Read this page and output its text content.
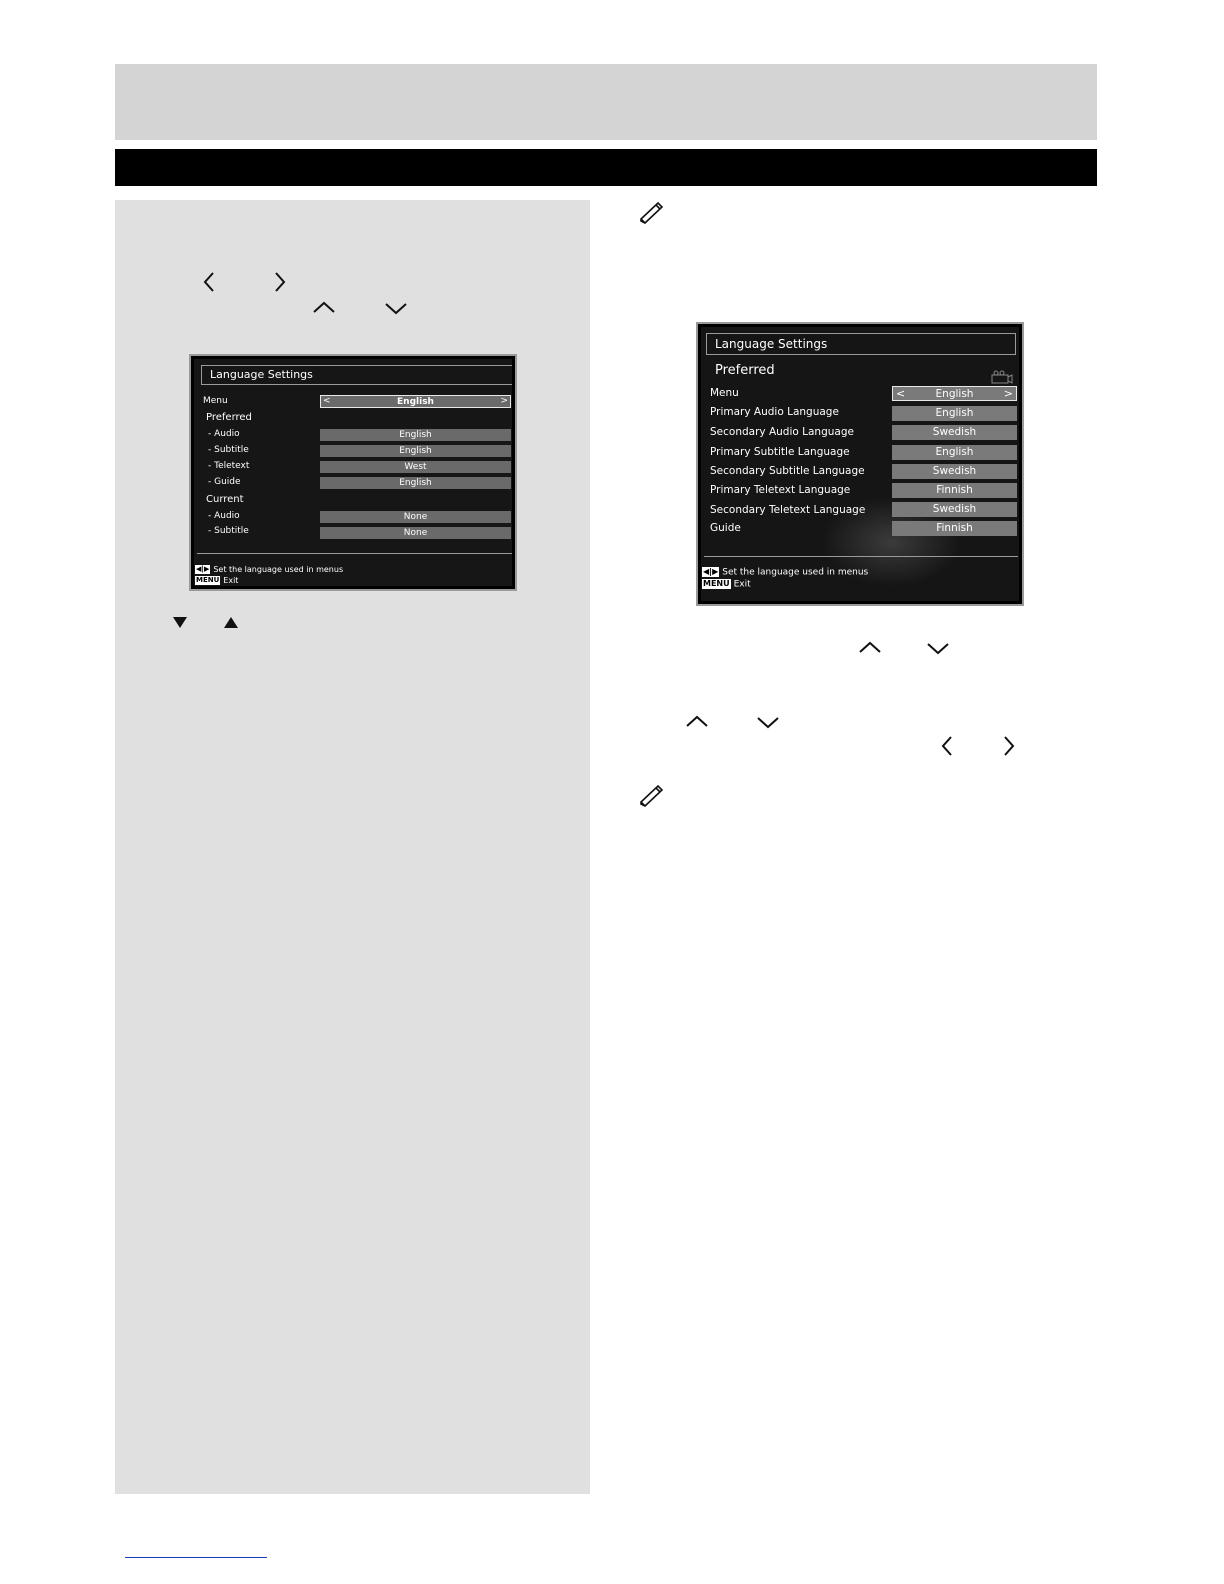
Language Settings
Menu	<	English	>
Preferred
- Audio	English
- Subtitle	English
- Teletext	West
- Guide	English
Current
- Audio	None
- Subtitle	None
◀|▶ Set the language used in menus
MENU Exit
Language Settings
Preferred
Menu	<	English	>
Primary Audio Language	English
Secondary Audio Language	Swedish
Primary Subtitle Language	English
Secondary Subtitle Language	Swedish
Primary Teletext Language	Finnish
Secondary Teletext Language	Swedish
Guide	Finnish
◀|▶ Set the language used in menus
MENU Exit
